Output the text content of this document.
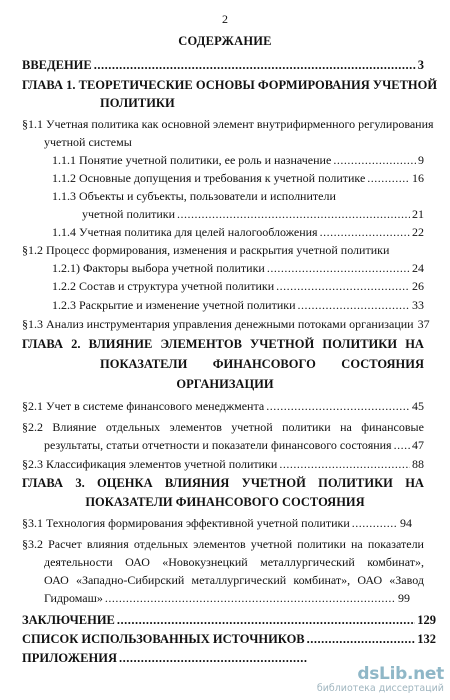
2
СОДЕРЖАНИЕ
ВВЕДЕНИЕ .....	3
ГЛАВА 1. ТЕОРЕТИЧЕСКИЕ ОСНОВЫ ФОРМИРОВАНИЯ УЧЕТНОЙ
ПОЛИТИКИ
§1.1 Учетная политика как основной элемент внутрифирменного регулирования
учетной системы
1.1.1 Понятие учетной политики, ее роль и назначение .....	9
1.1.2 Основные допущения и требования к учетной политике .....	16
1.1.3 Объекты и субъекты, пользователи и исполнители
учетной политики .....	21
1.1.4 Учетная политика для целей налогообложения .....	22
§1.2 Процесс формирования, изменения и раскрытия учетной политики
1.2.1) Факторы выбора учетной политики .....	24
1.2.2 Состав и структура учетной политики .....	26
1.2.3 Раскрытие и изменение учетной политики .....	33
§1.3 Анализ инструментария управления денежными потоками организации 37
ГЛАВА 2. ВЛИЯНИЕ ЭЛЕМЕНТОВ УЧЕТНОЙ ПОЛИТИКИ НА
ПОКАЗАТЕЛИ ФИНАНСОВОГО СОСТОЯНИЯ
ОРГАНИЗАЦИИ
§2.1 Учет в системе финансового менеджмента .....	45
§2.2 Влияние отдельных элементов учетной политики на финансовые
результаты, статьи отчетности и показатели финансового состояния ..... 47
§2.3 Классификация элементов учетной политики .....	88
ГЛАВА 3. ОЦЕНКА ВЛИЯНИЯ УЧЕТНОЙ ПОЛИТИКИ НА
ПОКАЗАТЕЛИ ФИНАНСОВОГО СОСТОЯНИЯ
§3.1 Технология формирования эффективной учетной политики .....	94
§3.2 Расчет влияния отдельных элементов учетной политики на показатели
деятельности ОАО «Новокузнецкий металлургический комбинат»,
ОАО «Западно-Сибирский металлургический комбинат», ОАО «Завод
Гидромаш» .....	99
ЗАКЛЮЧЕНИЕ .....	129
СПИСОК ИСПОЛЬЗОВАННЫХ ИСТОЧНИКОВ .....	132
ПРИЛОЖЕНИЯ
.....
dsLib.net
библиотека диссертаций
